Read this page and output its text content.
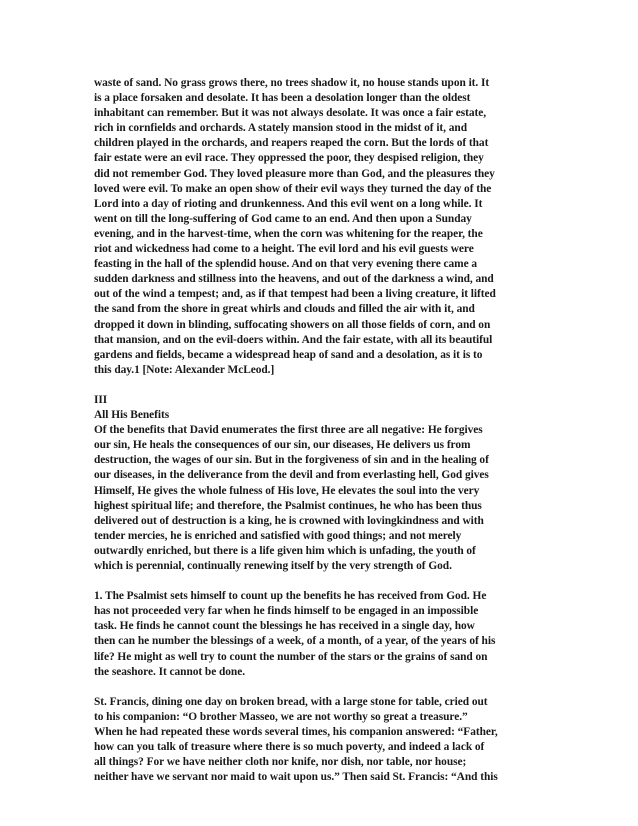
waste of sand. No grass grows there, no trees shadow it, no house stands upon it. It
is a place forsaken and desolate. It has been a desolation longer than the oldest
inhabitant can remember. But it was not always desolate. It was once a fair estate,
rich in cornfields and orchards. A stately mansion stood in the midst of it, and
children played in the orchards, and reapers reaped the corn. But the lords of that
fair estate were an evil race. They oppressed the poor, they despised religion, they
did not remember God. They loved pleasure more than God, and the pleasures they
loved were evil. To make an open show of their evil ways they turned the day of the
Lord into a day of rioting and drunkenness. And this evil went on a long while. It
went on till the long-suffering of God came to an end. And then upon a Sunday
evening, and in the harvest-time, when the corn was whitening for the reaper, the
riot and wickedness had come to a height. The evil lord and his evil guests were
feasting in the hall of the splendid house. And on that very evening there came a
sudden darkness and stillness into the heavens, and out of the darkness a wind, and
out of the wind a tempest; and, as if that tempest had been a living creature, it lifted
the sand from the shore in great whirls and clouds and filled the air with it, and
dropped it down in blinding, suffocating showers on all those fields of corn, and on
that mansion, and on the evil-doers within. And the fair estate, with all its beautiful
gardens and fields, became a widespread heap of sand and a desolation, as it is to
this day.1 [Note: Alexander McLeod.]
III
All His Benefits
Of the benefits that David enumerates the first three are all negative: He forgives
our sin, He heals the consequences of our sin, our diseases, He delivers us from
destruction, the wages of our sin. But in the forgiveness of sin and in the healing of
our diseases, in the deliverance from the devil and from everlasting hell, God gives
Himself, He gives the whole fulness of His love, He elevates the soul into the very
highest spiritual life; and therefore, the Psalmist continues, he who has been thus
delivered out of destruction is a king, he is crowned with lovingkindness and with
tender mercies, he is enriched and satisfied with good things; and not merely
outwardly enriched, but there is a life given him which is unfading, the youth of
which is perennial, continually renewing itself by the very strength of God.
1. The Psalmist sets himself to count up the benefits he has received from God. He
has not proceeded very far when he finds himself to be engaged in an impossible
task. He finds he cannot count the blessings he has received in a single day, how
then can he number the blessings of a week, of a month, of a year, of the years of his
life? He might as well try to count the number of the stars or the grains of sand on
the seashore. It cannot be done.
St. Francis, dining one day on broken bread, with a large stone for table, cried out
to his companion: “O brother Masseo, we are not worthy so great a treasure.”
When he had repeated these words several times, his companion answered: “Father,
how can you talk of treasure where there is so much poverty, and indeed a lack of
all things? For we have neither cloth nor knife, nor dish, nor table, nor house;
neither have we servant nor maid to wait upon us.” Then said St. Francis: “And this
